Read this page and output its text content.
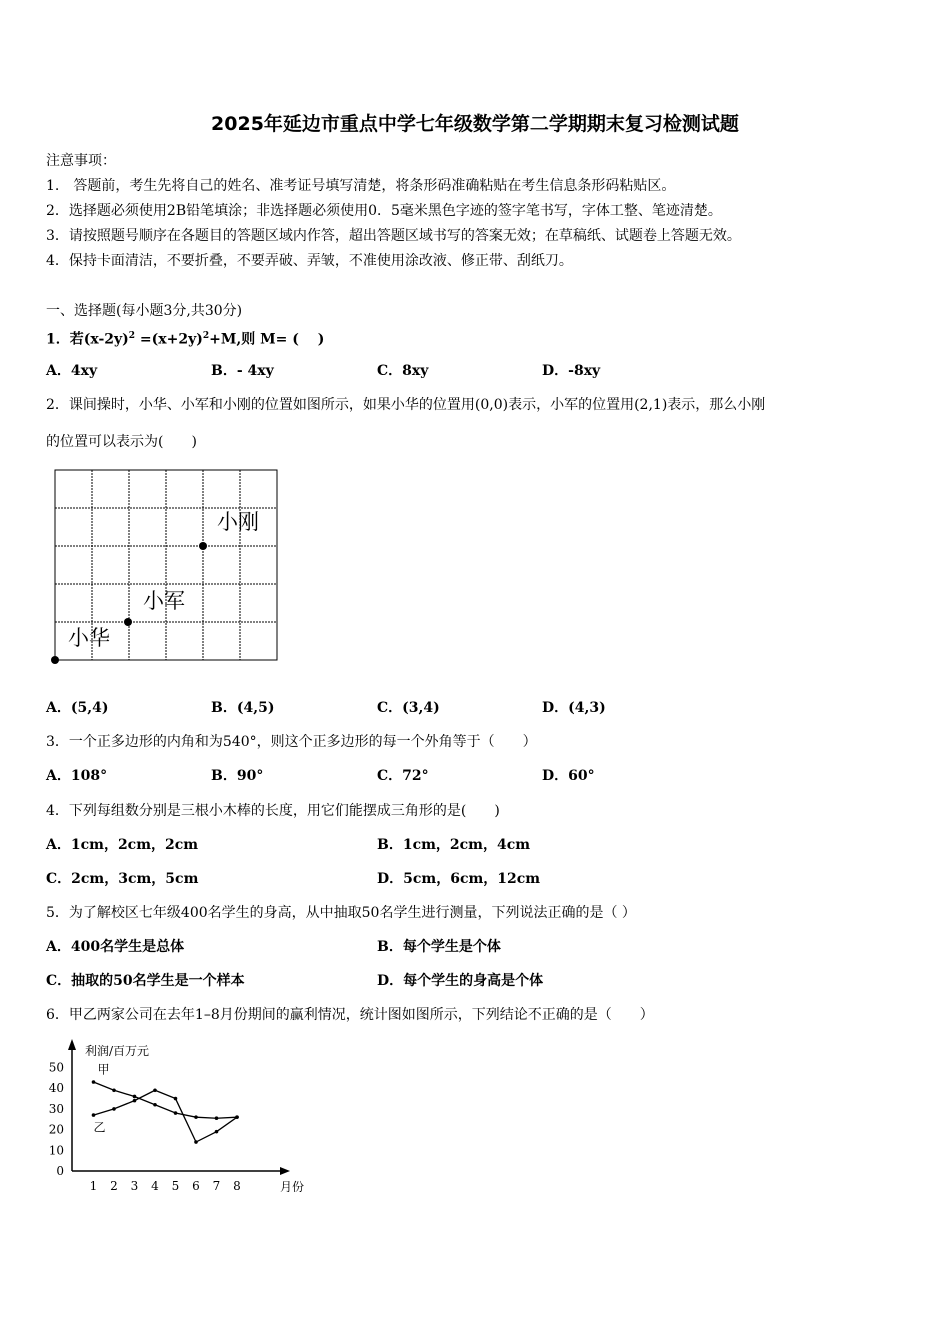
2025年延边市重点中学七年级数学第二学期期末复习检测试题
注意事项：
1.　答题前，考生先将自己的姓名、准考证号填写清楚，将条形码准确粘贴在考生信息条形码粘贴区。
2．选择题必须使用2B铅笔填涂；非选择题必须使用0．5毫米黑色字迹的签字笔书写，字体工整、笔迹清楚。
3．请按照题号顺序在各题目的答题区域内作答，超出答题区域书写的答案无效；在草稿纸、试题卷上答题无效。
4．保持卡面清洁，不要折叠，不要弄破、弄皱，不准使用涂改液、修正带、刮纸刀。
一、选择题(每小题3分,共30分)
1．若$(x-2y)^2 =(x+2y)^2+M$,则 M= (　 )
A．4xy	B．- 4xy	C．8xy	D．-8xy
2．课间操时，小华、小军和小刚的位置如图所示，如果小华的位置用(0,0)表示，小军的位置用(2,1)表示，那么小刚
的位置可以表示为(　　)
小华
小军
小刚
A．(5,4)	B．(4,5)	C．(3,4)	D．(4,3)
3．一个正多边形的内角和为540°，则这个正多边形的每一个外角等于（　　）
A．108°	B．90°	C．72°	D．60°
4．下列每组数分别是三根小木棒的长度，用它们能摆成三角形的是(　　)
A．1cm，2cm，2cm	B．1cm，2cm，4cm
C．2cm，3cm，5cm	D．5cm，6cm，12cm
5．为了解校区七年级400名学生的身高，从中抽取50名学生进行测量，下列说法正确的是（ ）
A．400名学生是总体	B．每个学生是个体
C．抽取的50名学生是一个样本	D．每个学生的身高是个体
6．甲乙两家公司在去年1–8月份期间的赢利情况，统计图如图所示，下列结论不正确的是（　　）
0
10
20
30
40
50
1 2 3 4 5 6 7 8
利润/百万元
月份
甲
乙
